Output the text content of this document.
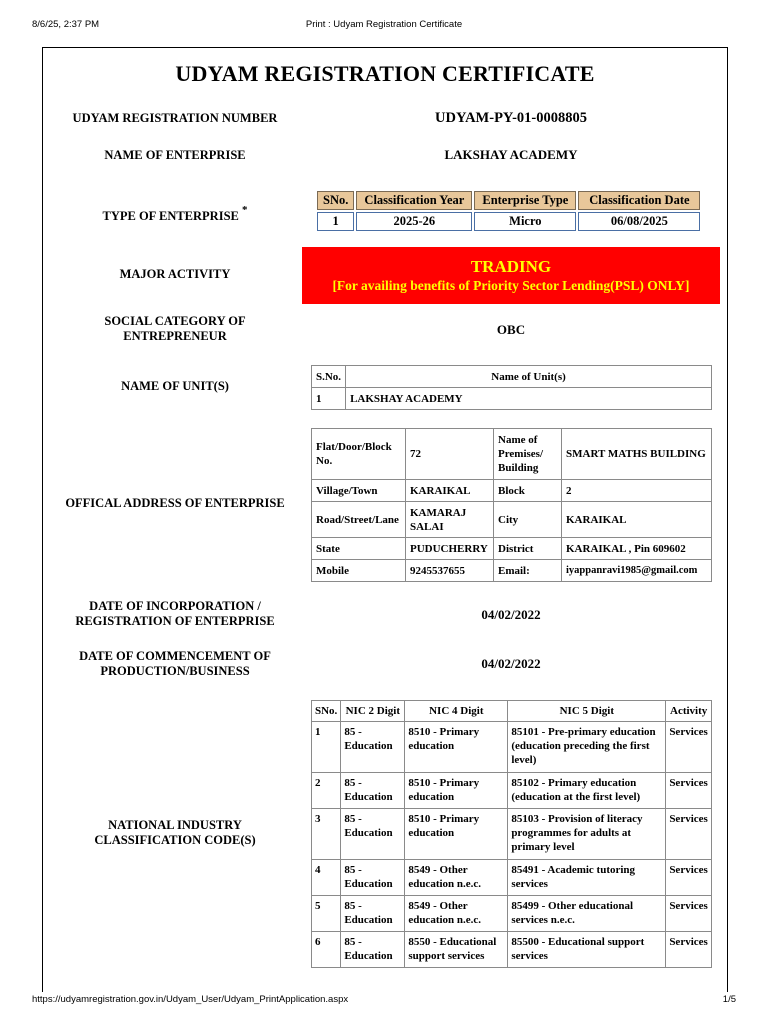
8/6/25, 2:37 PM	Print : Udyam Registration Certificate
UDYAM REGISTRATION CERTIFICATE
UDYAM REGISTRATION NUMBER	UDYAM-PY-01-0008805
NAME OF ENTERPRISE	LAKSHAY ACADEMY
TYPE OF ENTERPRISE *
SNo.	Classification Year	Enterprise Type	Classification Date
1	2025-26	Micro	06/08/2025
MAJOR ACTIVITY	TRADING
[For availing benefits of Priority Sector Lending(PSL) ONLY]
SOCIAL CATEGORY OF
ENTREPRENEUR	OBC
NAME OF UNIT(S)
S.No.	Name of Unit(s)
1	LAKSHAY ACADEMY
OFFICAL ADDRESS OF ENTERPRISE
Flat/Door/Block No.	72	Name of Premises/ Building	SMART MATHS BUILDING
Village/Town	KARAIKAL	Block	2
Road/Street/Lane	KAMARAJ SALAI	City	KARAIKAL
State	PUDUCHERRY	District	KARAIKAL , Pin 609602
Mobile	9245537655	Email:	iyappanravi1985@gmail.com
DATE OF INCORPORATION /
REGISTRATION OF ENTERPRISE	04/02/2022
DATE OF COMMENCEMENT OF
PRODUCTION/BUSINESS	04/02/2022
NATIONAL INDUSTRY
CLASSIFICATION CODE(S)
SNo.	NIC 2 Digit	NIC 4 Digit	NIC 5 Digit	Activity
1	85 - Education	8510 - Primary education	85101 - Pre-primary education (education preceding the first level)	Services
2	85 - Education	8510 - Primary education	85102 - Primary education (education at the first level)	Services
3	85 - Education	8510 - Primary education	85103 - Provision of literacy programmes for adults at primary level	Services
4	85 - Education	8549 - Other education n.e.c.	85491 - Academic tutoring services	Services
5	85 - Education	8549 - Other education n.e.c.	85499 - Other educational services n.e.c.	Services
6	85 - Education	8550 - Educational support services	85500 - Educational support services	Services
https://udyamregistration.gov.in/Udyam_User/Udyam_PrintApplication.aspx	1/5
